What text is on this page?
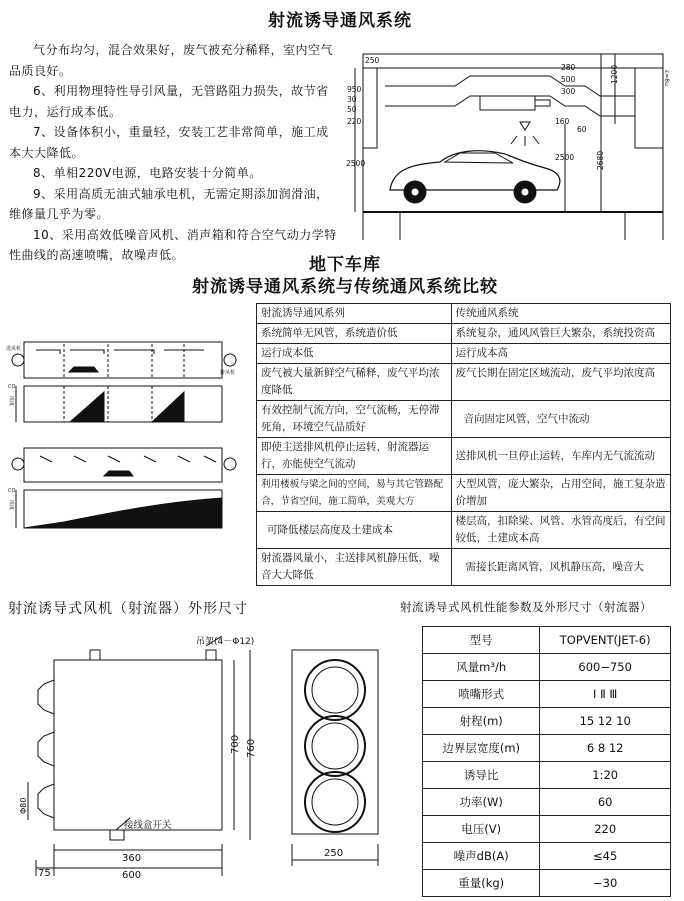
射流诱导通风系统

气分布均匀，混合效果好，废气被充分稀释，室内空气品质良好。

6、利用物理特性导引风量，无管路阻力损失，故节省电力，运行成本低。

7、设备体积小，重量轻，安装工艺非常简单，施工成本大大降低。

8、单相220V电源，电路安装十分简单。

9、采用高质无油式轴承电机，无需定期添加润滑油，维修量几乎为零。

10、采用高效低噪音风机、消声箱和符合空气动力学特性曲线的高速喷嘴，故噪声低。

250
280
500
950	300
30
50
220	160
60
2500
2500
1200
2680
ε≈8u
地下车库
射流诱导通风系统与传统通风系统比较
进风机
排风机
CO
浓度
CO
浓度
射流诱导通风系列	传统通风系统
系统简单无风管，系统造价低	系统复杂，通风风管巨大繁杂，系统投资高
运行成本低	运行成本高
废气被大量新鲜空气稀释，废气平均浓度降低	废气长期在固定区域流动，废气平均浓度高
有效控制气流方向，空气流畅，无停滞死角，环境空气品质好	音向固定风管，空气中流动
即使主送排风机停止运转，射流器运行，亦能使空气流动	送排风机一旦停止运转，车库内无气流流动
利用楼板与梁之间的空间，易与其它管路配合，节省空间，施工简单，美观大方	大型风管，庞大繁杂，占用空间，施工复杂造价增加
可降低楼层高度及土建成本	楼层高，扣除梁、风管、水管高度后，有空间较低，土建成本高
射流器风量小，主送排风机静压低，噪音大大降低	需接长距离风管，风机静压高，噪音大
射流诱导式风机（射流器）外形尺寸
吊架(4－Φ12)
接线盒开关
700 760
Φ80
360
600
75
250
射流诱导式风机性能参数及外形尺寸（射流器）
型号	TOPVENT(JET-6)
风量m³/h	600−750
喷嘴形式	Ⅰ Ⅱ Ⅲ
射程(m)	15 12 10
边界层宽度(m)	6 8 12
诱导比	1:20
功率(W)	60
电压(V)	220
噪声dB(A)	≤45
重量(kg)	−30
